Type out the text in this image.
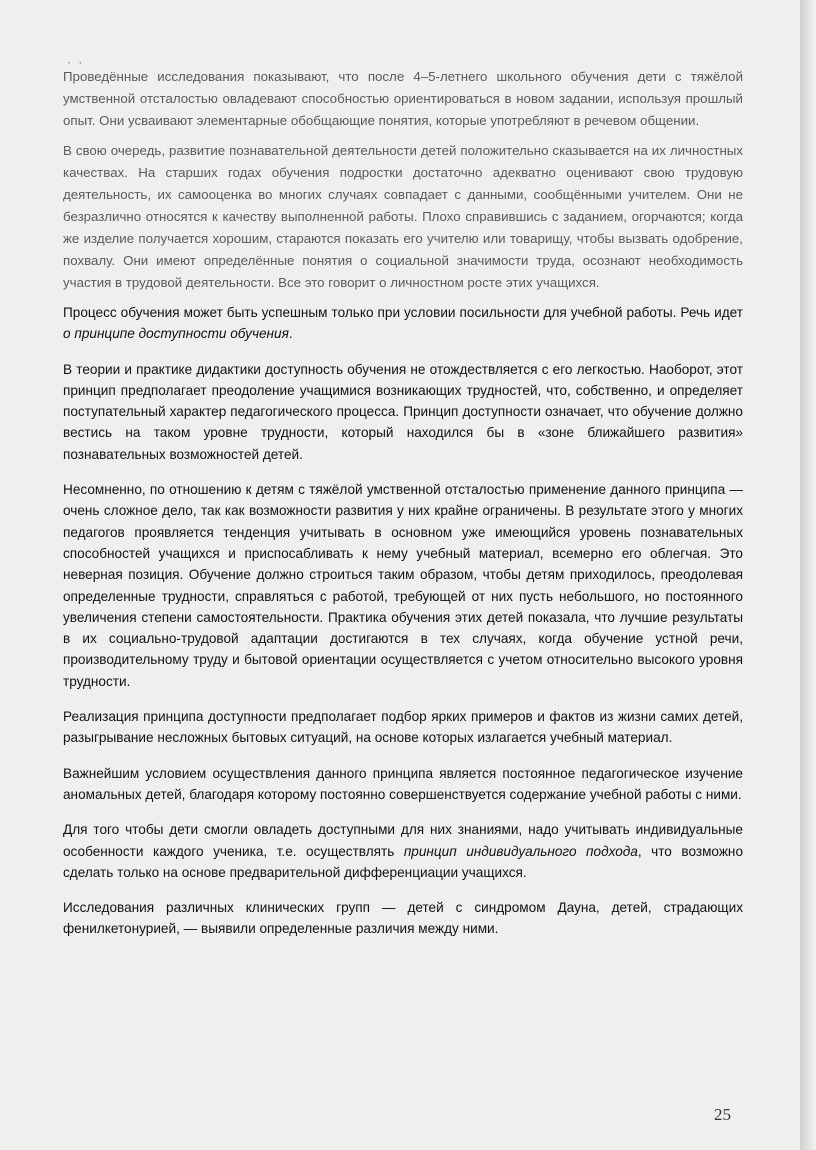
· ·

Проведённые исследования показывают, что после 4–5-летнего школьного обучения дети с тяжёлой умственной отсталостью овладевают способностью ориентироваться в новом задании, используя прошлый опыт. Они усваивают элементарные обобщающие понятия, которые употребляют в речевом общении.

В свою очередь, развитие познавательной деятельности детей положительно сказывается на их личностных качествах. На старших годах обучения подростки достаточно адекватно оценивают свою трудовую деятельность, их самооценка во многих случаях совпадает с данными, сообщёнными учителем. Они не безразлично относятся к качеству выполненной работы. Плохо справившись с заданием, огорчаются; когда же изделие получается хорошим, стараются показать его учителю или товарищу, чтобы вызвать одобрение, похвалу. Они имеют определённые понятия о социальной значимости труда, осознают необходимость участия в трудовой деятельности. Все это говорит о личностном росте этих учащихся.

Процесс обучения может быть успешным только при условии посильности для учебной работы. Речь идет о принципе доступности обучения.

В теории и практике дидактики доступность обучения не отождествляется с его легкостью. Наоборот, этот принцип предполагает преодоление учащимися возникающих трудностей, что, собственно, и определяет поступательный характер педагогического процесса. Принцип доступности означает, что обучение должно вестись на таком уровне трудности, который находился бы в «зоне ближайшего развития» познавательных возможностей детей.

Несомненно, по отношению к детям с тяжёлой умственной отсталостью применение данного принципа — очень сложное дело, так как возможности развития у них крайне ограничены. В результате этого у многих педагогов проявляется тенденция учитывать в основном уже имеющийся уровень познавательных способностей учащихся и приспосабливать к нему учебный материал, всемерно его облегчая. Это неверная позиция. Обучение должно строиться таким образом, чтобы детям приходилось, преодолевая определенные трудности, справляться с работой, требующей от них пусть небольшого, но постоянного увеличения степени самостоятельности. Практика обучения этих детей показала, что лучшие результаты в их социально-трудовой адаптации достигаются в тех случаях, когда обучение устной речи, производительному труду и бытовой ориентации осуществляется с учетом относительно высокого уровня трудности.

Реализация принципа доступности предполагает подбор ярких примеров и фактов из жизни самих детей, разыгрывание несложных бытовых ситуаций, на основе которых излагается учебный материал.

Важнейшим условием осуществления данного принципа является постоянное педагогическое изучение аномальных детей, благодаря которому постоянно совершенствуется содержание учебной работы с ними.

Для того чтобы дети смогли овладеть доступными для них знаниями, надо учитывать индивидуальные особенности каждого ученика, т.е. осуществлять принцип индивидуального подхода, что возможно сделать только на основе предварительной дифференциации учащихся.

Исследования различных клинических групп — детей с синдромом Дауна, детей, страдающих фенилкетонурией, — выявили определенные различия между ними.

25
